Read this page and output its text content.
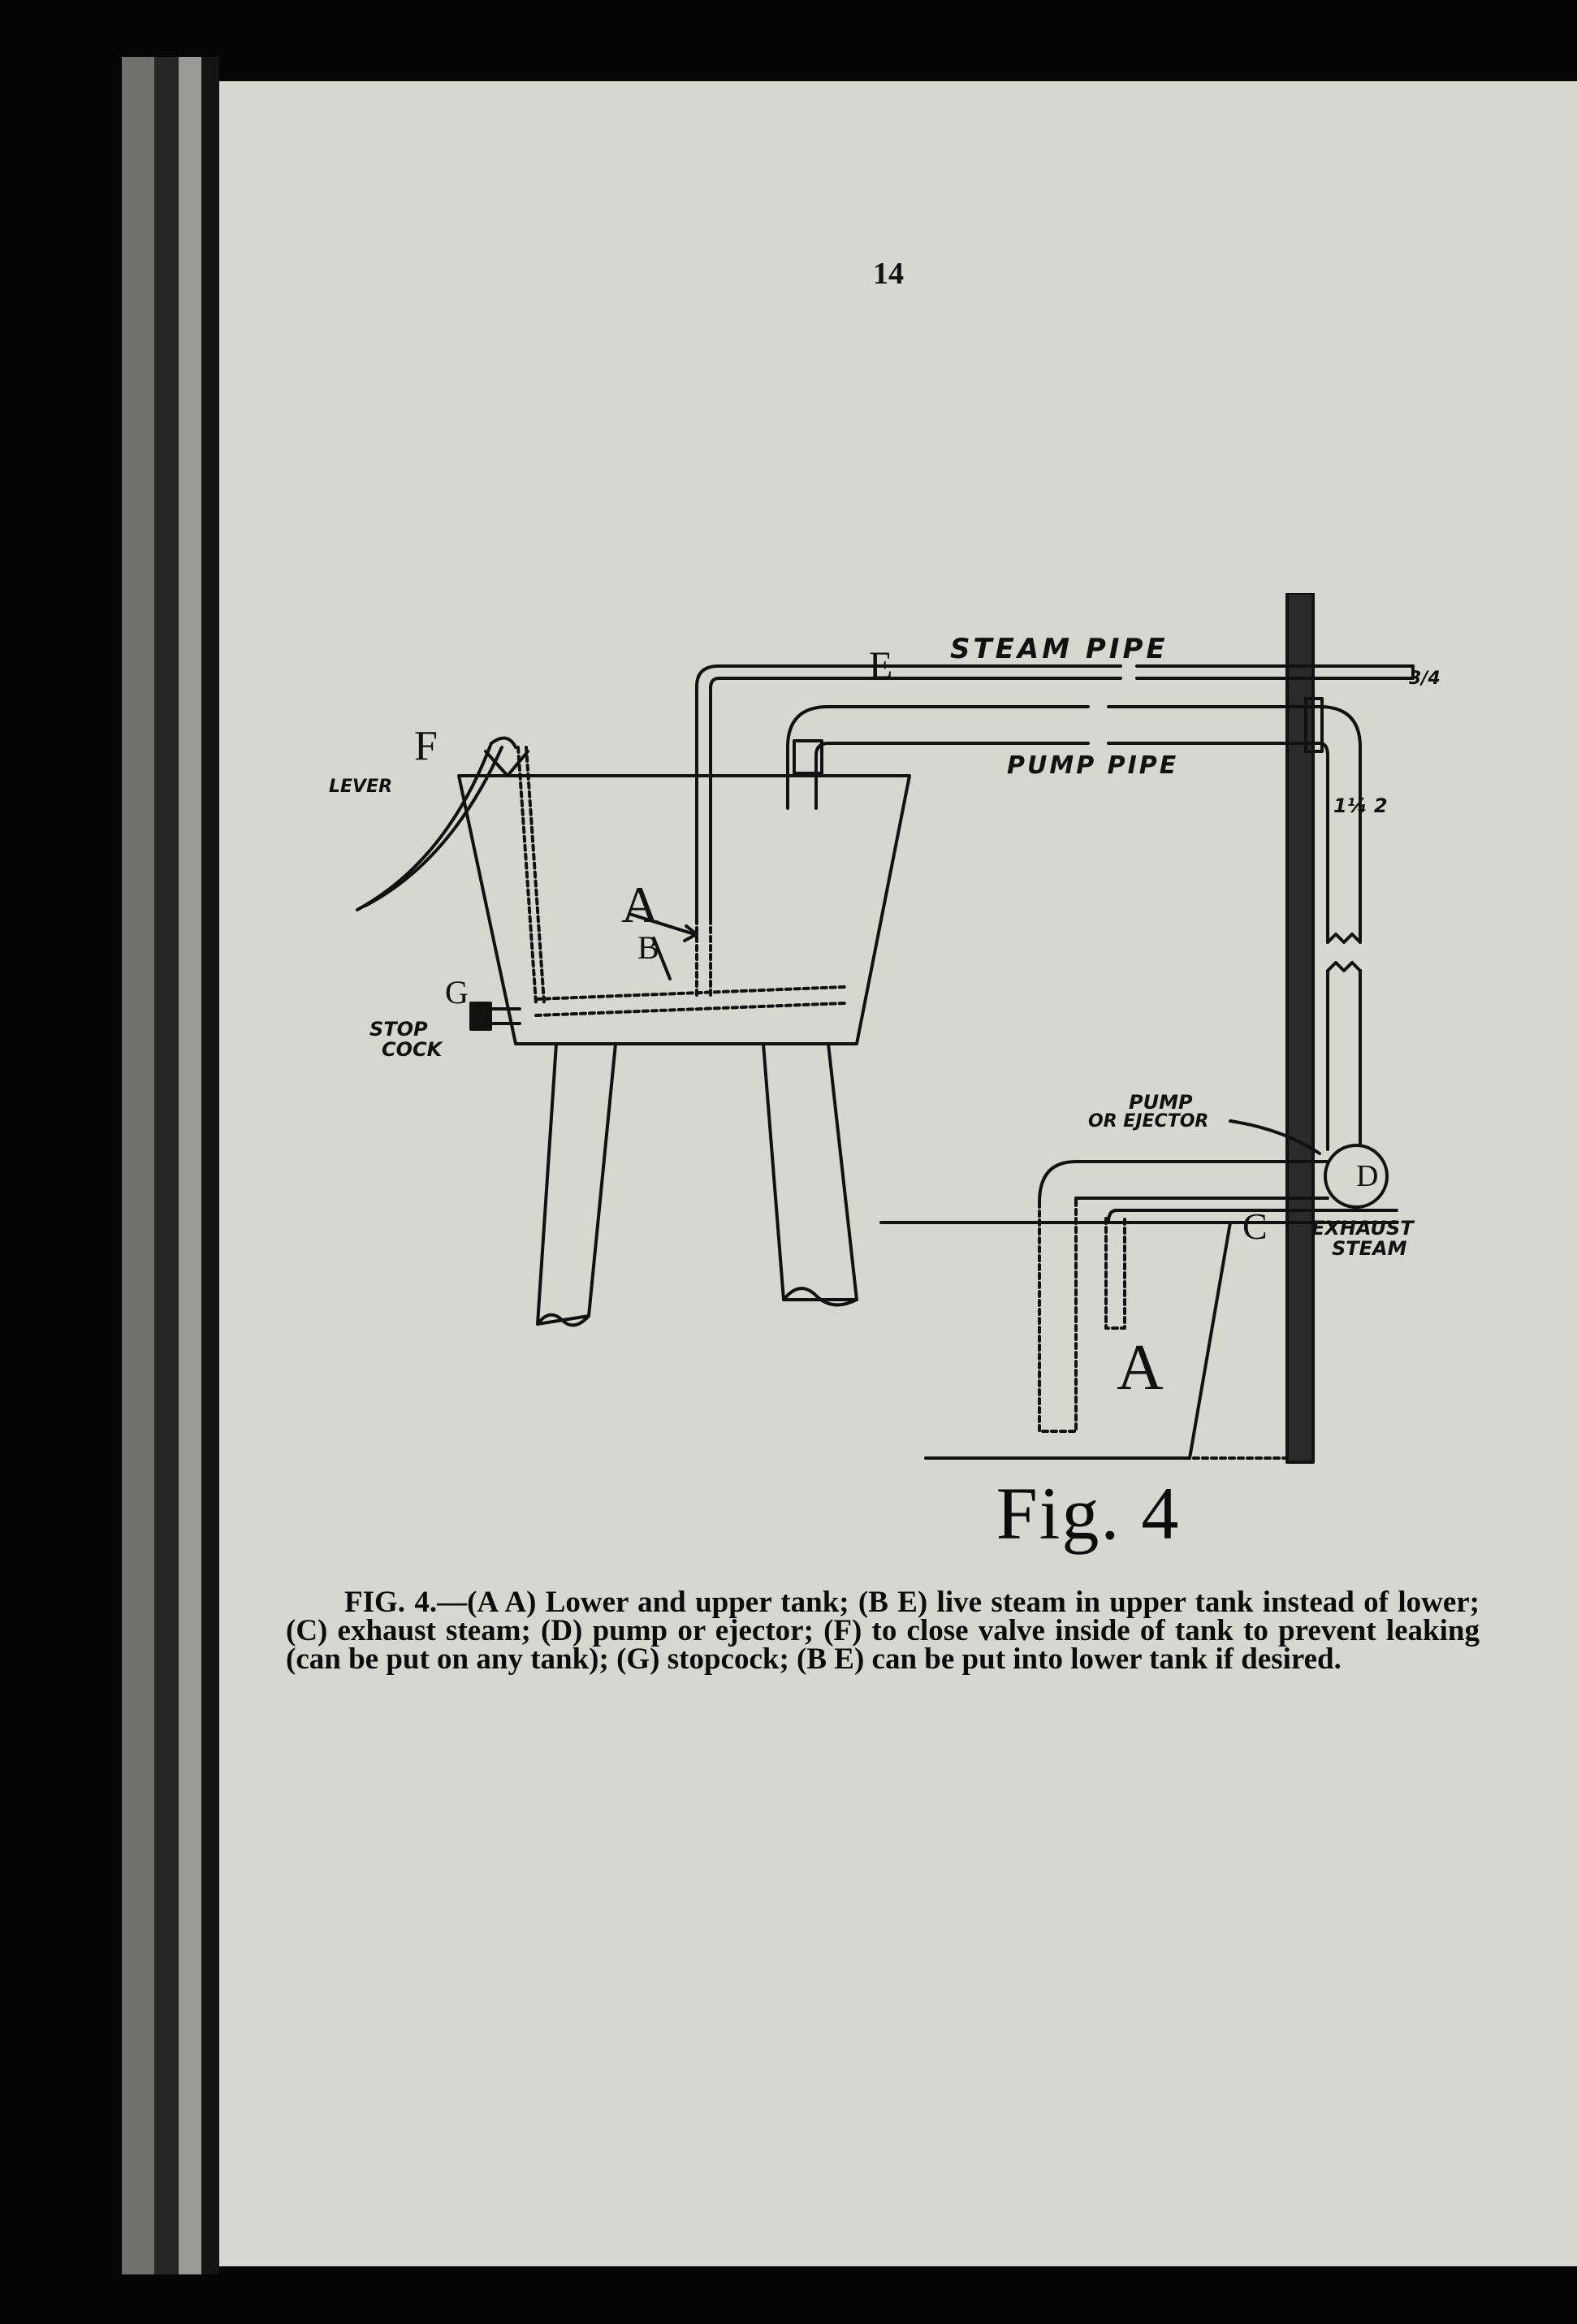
14
STEAM PIPE
PUMP PIPE
3/4
1¼ 2
LEVER
STOP
COCK
PUMP
OR EJECTOR
EXHAUST
STEAM
E
F
G
A
B
D
C
A
Fig. 4

FIG. 4.—(A A) Lower and upper tank; (B E) live steam in upper tank instead of lower; (C) exhaust steam; (D) pump or ejector; (F) to close valve inside of tank to prevent leaking (can be put on any tank); (G) stopcock; (B E) can be put into lower tank if desired.
